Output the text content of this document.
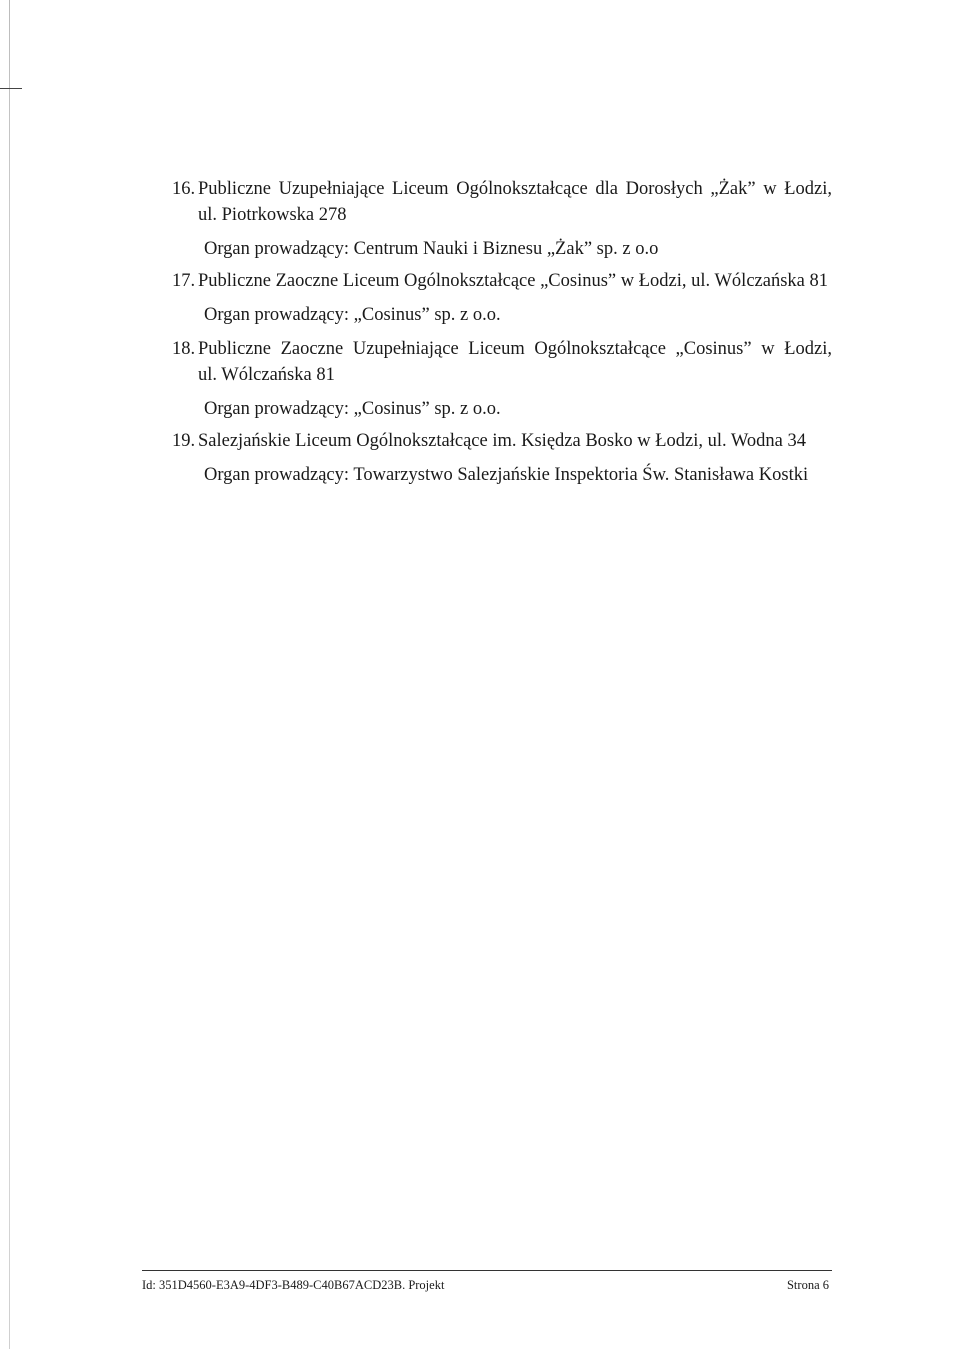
16. Publiczne Uzupełniające Liceum Ogólnokształcące dla Dorosłych „Żak” w Łodzi,
ul. Piotrkowska 278
Organ prowadzący: Centrum Nauki i Biznesu „Żak” sp. z o.o
17. Publiczne Zaoczne Liceum Ogólnokształcące „Cosinus” w Łodzi, ul. Wólczańska 81
Organ prowadzący: „Cosinus” sp. z o.o.
18. Publiczne Zaoczne Uzupełniające Liceum Ogólnokształcące „Cosinus” w Łodzi,
ul. Wólczańska 81
Organ prowadzący: „Cosinus” sp. z o.o.
19. Salezjańskie Liceum Ogólnokształcące im. Księdza Bosko w Łodzi, ul. Wodna 34
Organ prowadzący: Towarzystwo Salezjańskie Inspektoria Św. Stanisława Kostki
Id: 351D4560-E3A9-4DF3-B489-C40B67ACD23B. Projekt	Strona 6
